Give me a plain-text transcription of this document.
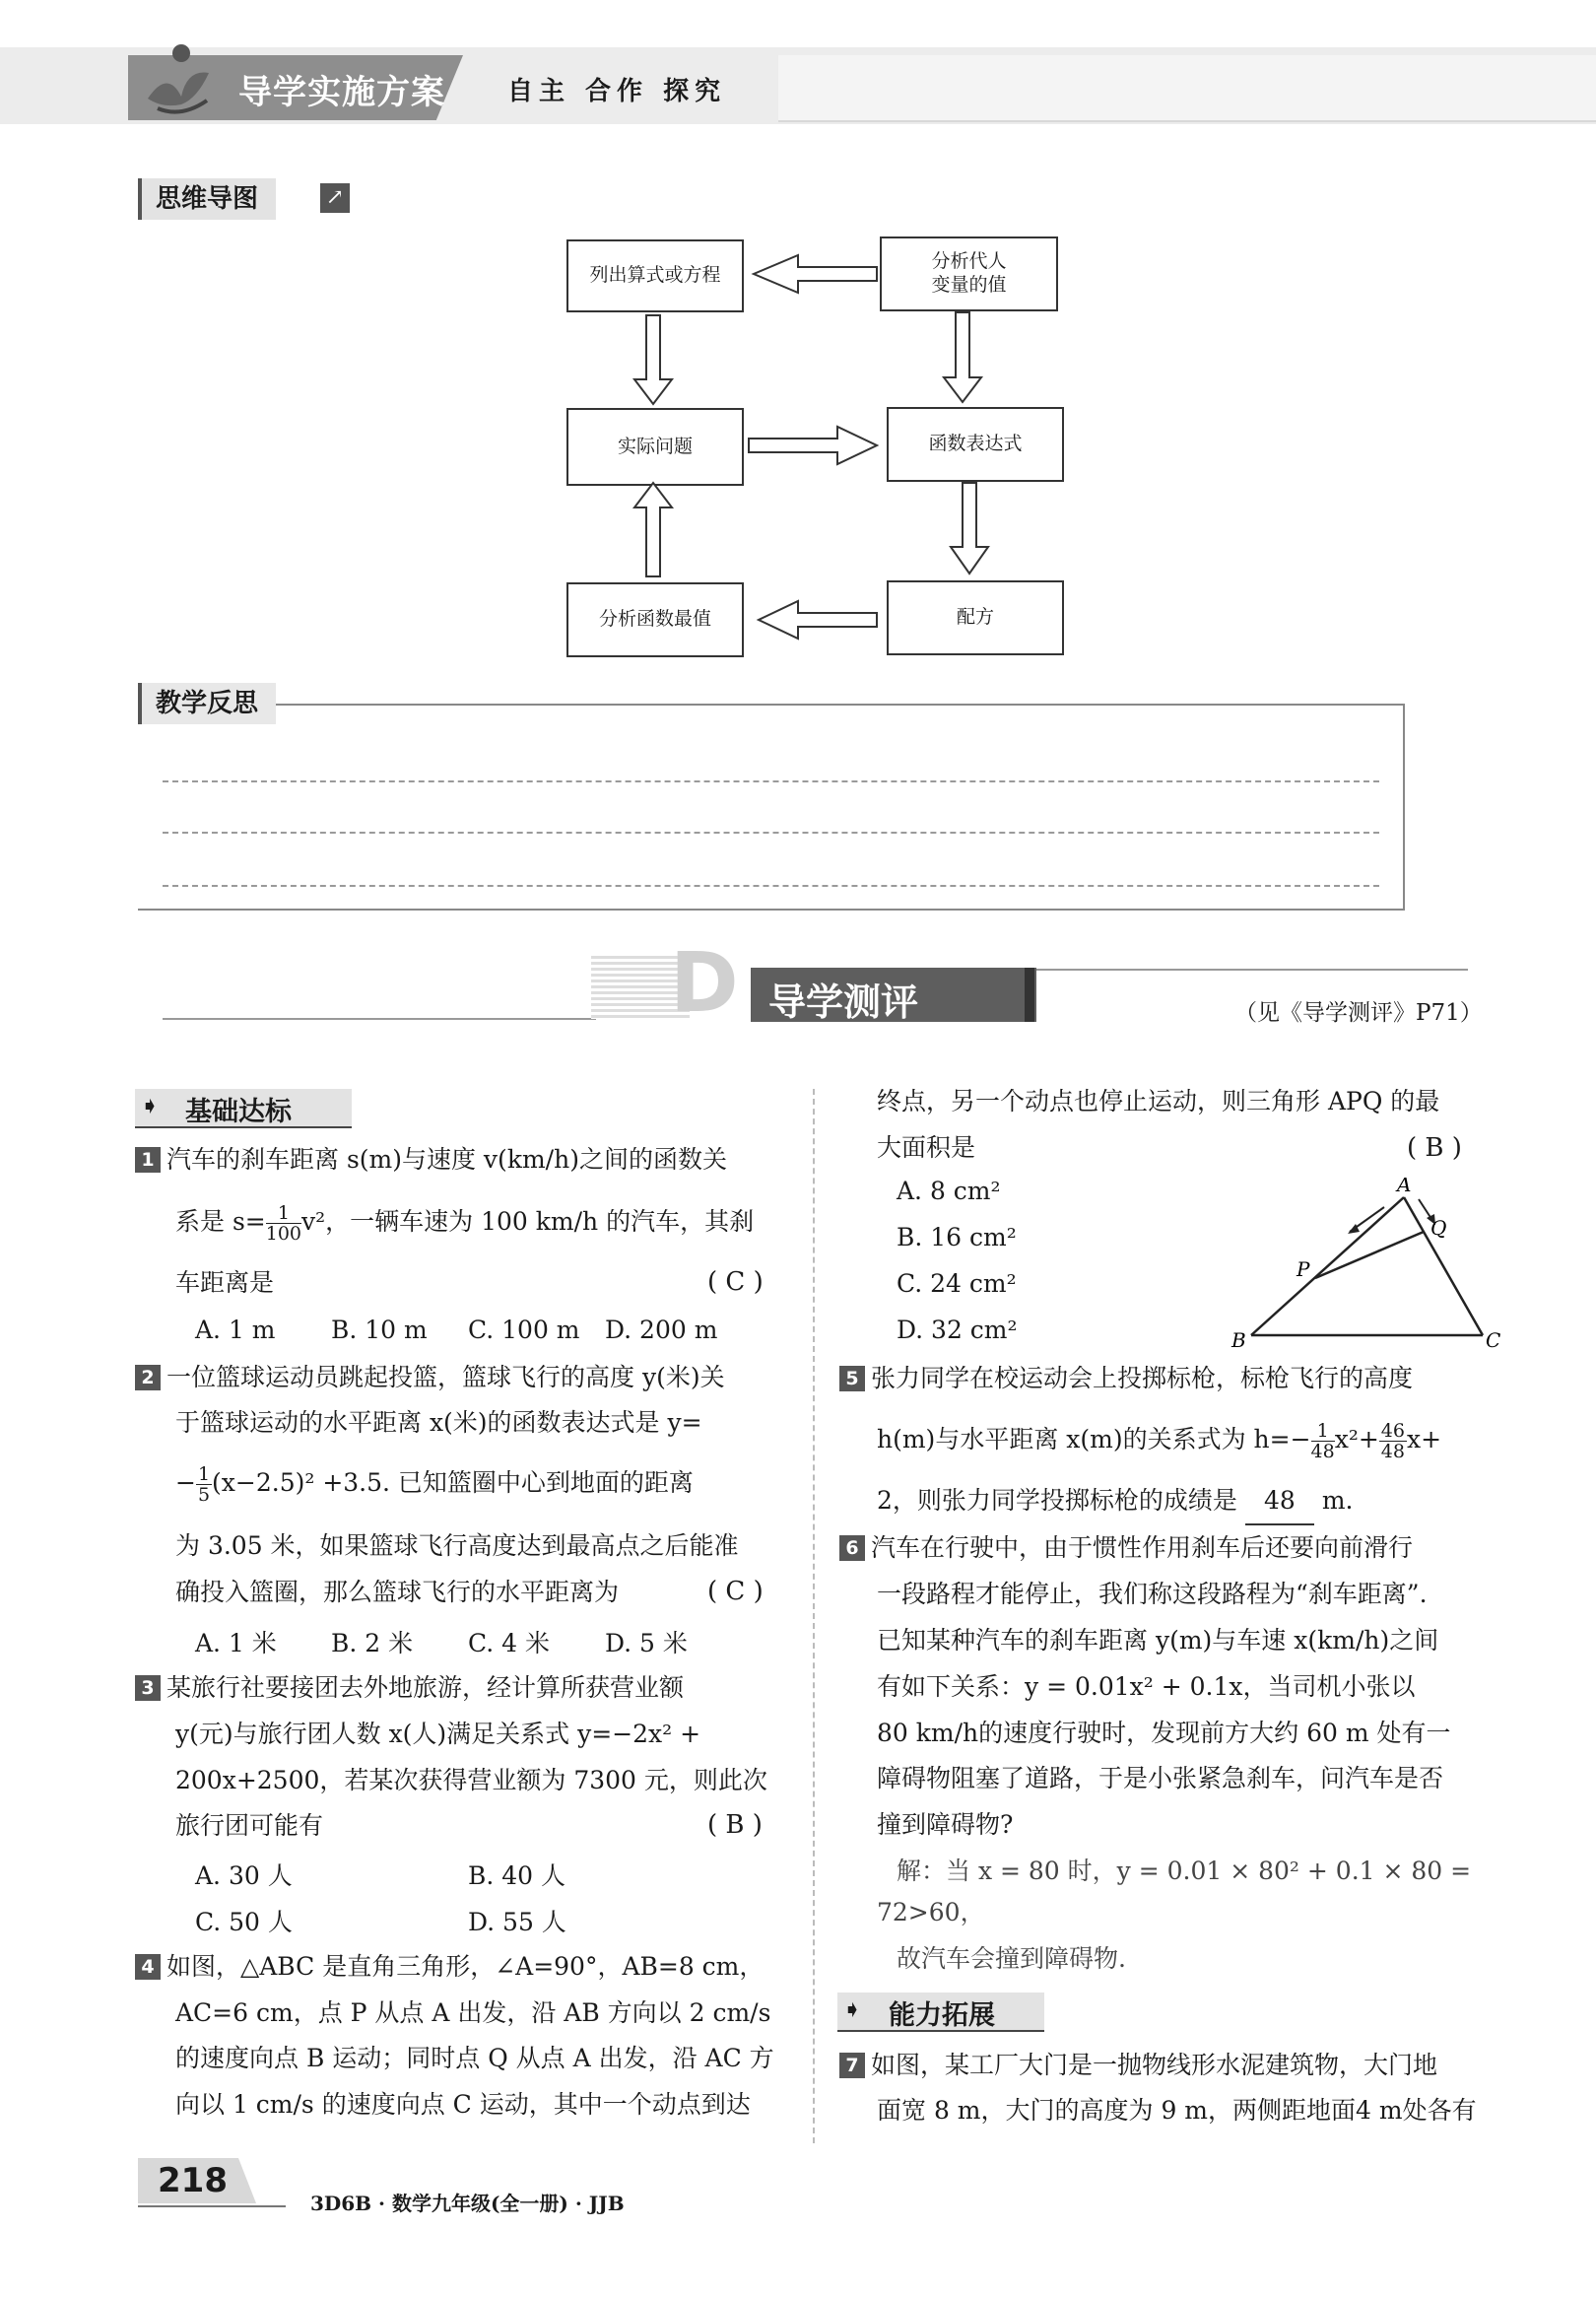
导学实施方案 自主 合作 探究
思维导图	↗
列出算式或方程
分析代人
变量的值
实际问题	函数表达式
分析函数最值	配方
教学反思
D 导学测评	（见《导学测评》P71）
➧ 基础达标
1 汽车的刹车距离 s(m)与速度 v(km/h)之间的函数关
系是 $s= \frac{1}{100} v^2$，一辆车速为 100 km/h 的汽车，其刹
车距离是	( C )
A. 1 m B. 10 m C. 100 m D. 200 m
2 一位篮球运动员跳起投篮，篮球飞行的高度 y(米)关
于篮球运动的水平距离 x(米)的函数表达式是 y=
− $\frac{1}{5} (x-2.5)^2 +3.5$. 已知篮圈中心到地面的距离
为 3.05 米，如果篮球飞行高度达到最高点之后能准
确投入篮圈，那么篮球飞行的水平距离为	( C )
A. 1 米 B. 2 米 C. 4 米 D. 5 米
3 某旅行社要接团去外地旅游，经计算所获营业额
y(元)与旅行团人数 x(人)满足关系式 y=−2x² +
200x+2500，若某次获得营业额为 7300 元，则此次
旅行团可能有	( B )
A. 30 人	B. 40 人
C. 50 人	D. 55 人
4 如图，△ABC 是直角三角形，∠A=90°，AB=8 cm，
AC=6 cm，点 P 从点 A 出发，沿 AB 方向以 2 cm/s
的速度向点 B 运动；同时点 Q 从点 A 出发，沿 AC 方
向以 1 cm/s 的速度向点 C 运动，其中一个动点到达
终点，另一个动点也停止运动，则三角形 APQ 的最
大面积是	( B )
A. 8 cm²
B. 16 cm²
C. 24 cm²
D. 32 cm²
A
Q
P
B	C
5 张力同学在校运动会上投掷标枪，标枪飞行的高度
h(m)与水平距离 x(m)的关系式为 $h=- \frac{1}{48} x^2+ \frac{46}{48} x+$
2，则张力同学投掷标枪的成绩是 48 m.
6 汽车在行驶中，由于惯性作用刹车后还要向前滑行
一段路程才能停止，我们称这段路程为“刹车距离”.
已知某种汽车的刹车距离 y(m)与车速 x(km/h)之间
有如下关系：y = 0.01x² + 0.1x，当司机小张以
80 km/h的速度行驶时，发现前方大约 60 m 处有一
障碍物阻塞了道路，于是小张紧急刹车，问汽车是否
撞到障碍物?
解：当 x = 80 时，y = 0.01 × 80² + 0.1 × 80 =
72>60，
故汽车会撞到障碍物.
➧ 能力拓展
7 如图，某工厂大门是一抛物线形水泥建筑物，大门地
面宽 8 m，大门的高度为 9 m，两侧距地面4 m处各有
218
3D6B · 数学九年级(全一册) · JJB
